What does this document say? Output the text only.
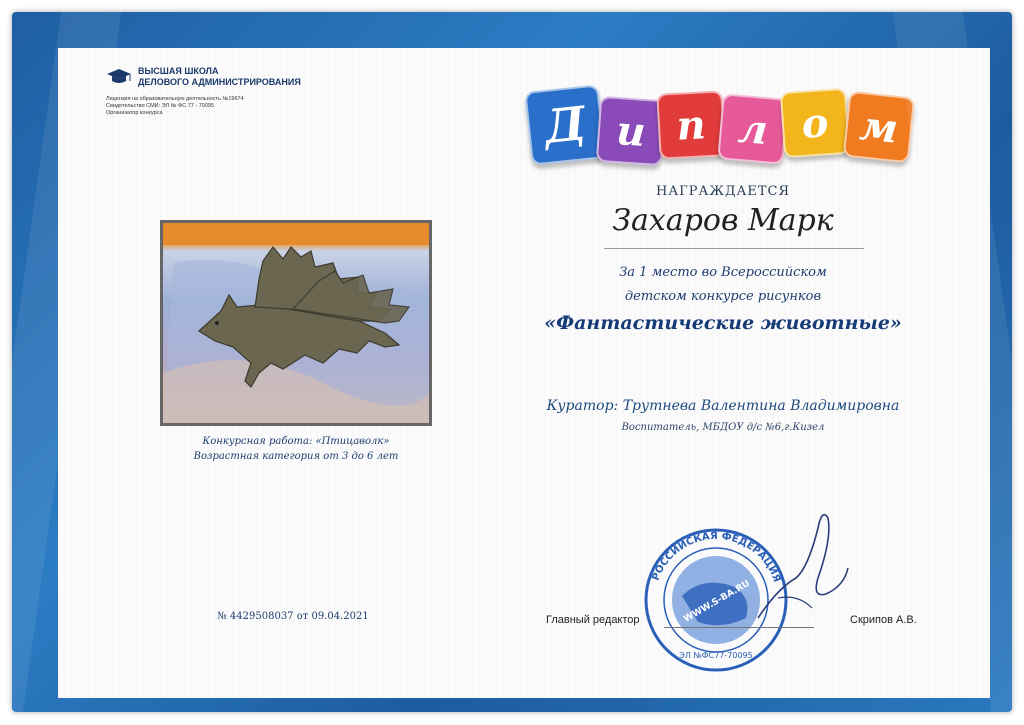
ВЫСШАЯ ШКОЛА
ДЕЛОВОГО АДМИНИСТРИРОВАНИЯ
Лицензия на образовательную деятельность №19674
Свидетельство СМИ: ЭЛ № ФС 77 - 70095
Организатор конкурса	Д и п л о м
НАГРАЖДАЕТСЯ
Захаров Марк
За 1 место во Всероссийском
детском конкурсе рисунков
«Фантастические животные»
Куратор: Трутнева Валентина Владимировна
Воспитатель, МБДОУ д/с №6,г.Кизел
Конкурсная работа: «Птицаволк»
Возрастная категория от 3 до 6 лет
№ 4429508037 от 09.04.2021
РОССИЙСКАЯ ФЕДЕРАЦИЯ
WWW.S-BA.RU
ЭЛ №ФС77-70095
Главный редактор	Скрипов А.В.
